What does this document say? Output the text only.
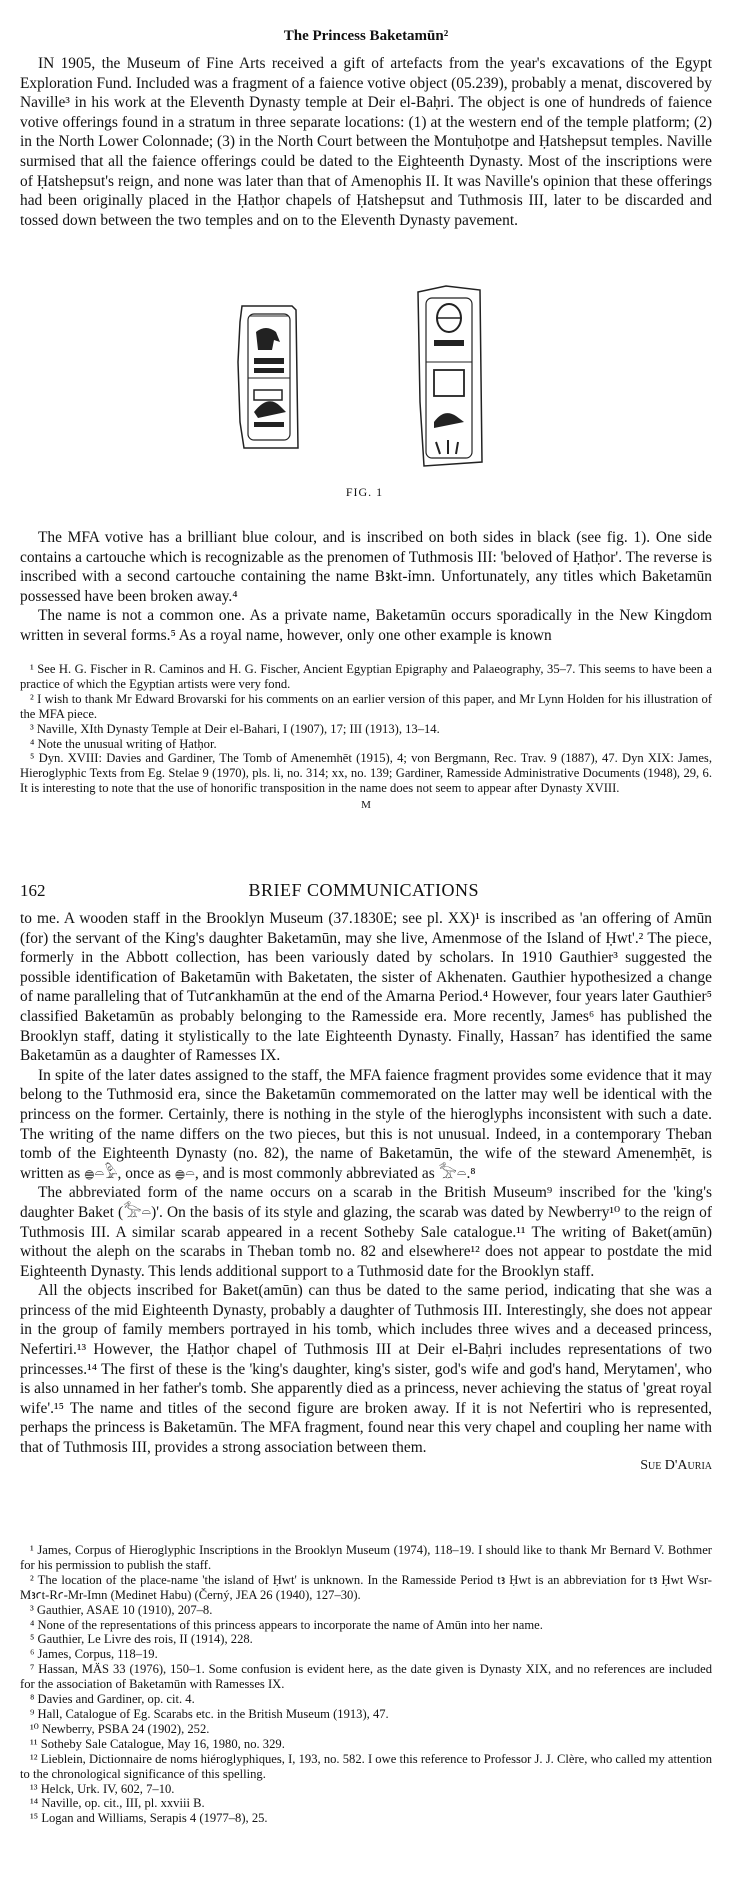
The Princess Baketamūn²

IN 1905, the Museum of Fine Arts received a gift of artefacts from the year's excavations of the Egypt Exploration Fund. Included was a fragment of a faience votive object (05.239), probably a menat, discovered by Naville³ in his work at the Eleventh Dynasty temple at Deir el-Baḥri. The object is one of hundreds of faience votive offerings found in a stratum in three separate locations: (1) at the western end of the temple platform; (2) in the North Lower Colonnade; (3) in the North Court between the Montuḥotpe and Ḥatshepsut temples. Naville surmised that all the faience offerings could be dated to the Eighteenth Dynasty. Most of the inscriptions were of Ḥatshepsut's reign, and none was later than that of Amenophis II. It was Naville's opinion that these offerings had been originally placed in the Ḥatḥor chapels of Ḥatshepsut and Tuthmosis III, later to be discarded and tossed down between the two temples and on to the Eleventh Dynasty pavement.

FIG. 1

The MFA votive has a brilliant blue colour, and is inscribed on both sides in black (see fig. 1). One side contains a cartouche which is recognizable as the prenomen of Tuthmosis III: 'beloved of Ḥatḥor'. The reverse is inscribed with a second cartouche containing the name Bꜣkt-ỉmn. Unfortunately, any titles which Baketamūn possessed have been broken away.⁴

The name is not a common one. As a private name, Baketamūn occurs sporadically in the New Kingdom written in several forms.⁵ As a royal name, however, only one other example is known

¹ See H. G. Fischer in R. Caminos and H. G. Fischer, Ancient Egyptian Epigraphy and Palaeography, 35–7. This seems to have been a practice of which the Egyptian artists were very fond.

² I wish to thank Mr Edward Brovarski for his comments on an earlier version of this paper, and Mr Lynn Holden for his illustration of the MFA piece.

³ Naville, XIth Dynasty Temple at Deir el-Bahari, I (1907), 17; III (1913), 13–14.

⁴ Note the unusual writing of Ḥatḥor.

⁵ Dyn. XVIII: Davies and Gardiner, The Tomb of Amenemhēt (1915), 4; von Bergmann, Rec. Trav. 9 (1887), 47. Dyn XIX: James, Hieroglyphic Texts from Eg. Stelae 9 (1970), pls. li, no. 314; xx, no. 139; Gardiner, Ramesside Administrative Documents (1948), 29, 6. It is interesting to note that the use of honorific transposition in the name does not seem to appear after Dynasty XVIII.

M

162	BRIEF COMMUNICATIONS

to me. A wooden staff in the Brooklyn Museum (37.1830E; see pl. XX)¹ is inscribed as 'an offering of Amūn (for) the servant of the King's daughter Baketamūn, may she live, Amenmose of the Island of Ḥwt'.² The piece, formerly in the Abbott collection, has been variously dated by scholars. In 1910 Gauthier³ suggested the possible identification of Baketamūn with Baketaten, the sister of Akhenaten. Gauthier hypothesized a change of name paralleling that of Tutꜥankhamūn at the end of the Amarna Period.⁴ However, four years later Gauthier⁵ classified Baketamūn as probably belonging to the Ramesside era. More recently, James⁶ has published the Brooklyn staff, dating it stylistically to the late Eighteenth Dynasty. Finally, Hassan⁷ has identified the same Baketamūn as a daughter of Ramesses IX.

In spite of the later dates assigned to the staff, the MFA faience fragment provides some evidence that it may belong to the Tuthmosid era, since the Baketamūn commemorated on the latter may well be identical with the princess on the former. Certainly, there is nothing in the style of the hieroglyphs inconsistent with such a date. The writing of the name differs on the two pieces, but this is not unusual. Indeed, in a contemporary Theban tomb of the Eighteenth Dynasty (no. 82), the name of Baketamūn, the wife of the steward Amenemḥēt, is written as 𓐍𓏏𓅱, once as 𓐍𓏏, and is most commonly abbreviated as 𓅡𓏏.⁸

The abbreviated form of the name occurs on a scarab in the British Museum⁹ inscribed for the 'king's daughter Baket (𓅡𓏏)'. On the basis of its style and glazing, the scarab was dated by Newberry¹⁰ to the reign of Tuthmosis III. A similar scarab appeared in a recent Sotheby Sale catalogue.¹¹ The writing of Baket(amūn) without the aleph on the scarabs in Theban tomb no. 82 and elsewhere¹² does not appear to postdate the mid Eighteenth Dynasty. This lends additional support to a Tuthmosid date for the Brooklyn staff.

All the objects inscribed for Baket(amūn) can thus be dated to the same period, indicating that she was a princess of the mid Eighteenth Dynasty, probably a daughter of Tuthmosis III. Interestingly, she does not appear in the group of family members portrayed in his tomb, which includes three wives and a deceased princess, Nefertiri.¹³ However, the Ḥatḥor chapel of Tuthmosis III at Deir el-Baḥri includes representations of two princesses.¹⁴ The first of these is the 'king's daughter, king's sister, god's wife and god's hand, Merytamen', who is also unnamed in her father's tomb. She apparently died as a princess, never achieving the status of 'great royal wife'.¹⁵ The name and titles of the second figure are broken away. If it is not Nefertiri who is represented, perhaps the princess is Baketamūn. The MFA fragment, found near this very chapel and coupling her name with that of Tuthmosis III, provides a strong association between them.

Sue D'Auria

¹ James, Corpus of Hieroglyphic Inscriptions in the Brooklyn Museum (1974), 118–19. I should like to thank Mr Bernard V. Bothmer for his permission to publish the staff.

² The location of the place-name 'the island of Ḥwt' is unknown. In the Ramesside Period tꜣ Ḥwt is an abbreviation for tꜣ Ḥwt Wsr-Mꜣꜥt-Rꜥ-Mr-Imn (Medinet Habu) (Černý, JEA 26 (1940), 127–30).

³ Gauthier, ASAE 10 (1910), 207–8.

⁴ None of the representations of this princess appears to incorporate the name of Amūn into her name.

⁵ Gauthier, Le Livre des rois, II (1914), 228.

⁶ James, Corpus, 118–19.

⁷ Hassan, MÄS 33 (1976), 150–1. Some confusion is evident here, as the date given is Dynasty XIX, and no references are included for the association of Baketamūn with Ramesses IX.

⁸ Davies and Gardiner, op. cit. 4.

⁹ Hall, Catalogue of Eg. Scarabs etc. in the British Museum (1913), 47.

¹⁰ Newberry, PSBA 24 (1902), 252.

¹¹ Sotheby Sale Catalogue, May 16, 1980, no. 329.

¹² Lieblein, Dictionnaire de noms hiéroglyphiques, I, 193, no. 582. I owe this reference to Professor J. J. Clère, who called my attention to the chronological significance of this spelling.

¹³ Helck, Urk. IV, 602, 7–10.

¹⁴ Naville, op. cit., III, pl. xxviii B.

¹⁵ Logan and Williams, Serapis 4 (1977–8), 25.
